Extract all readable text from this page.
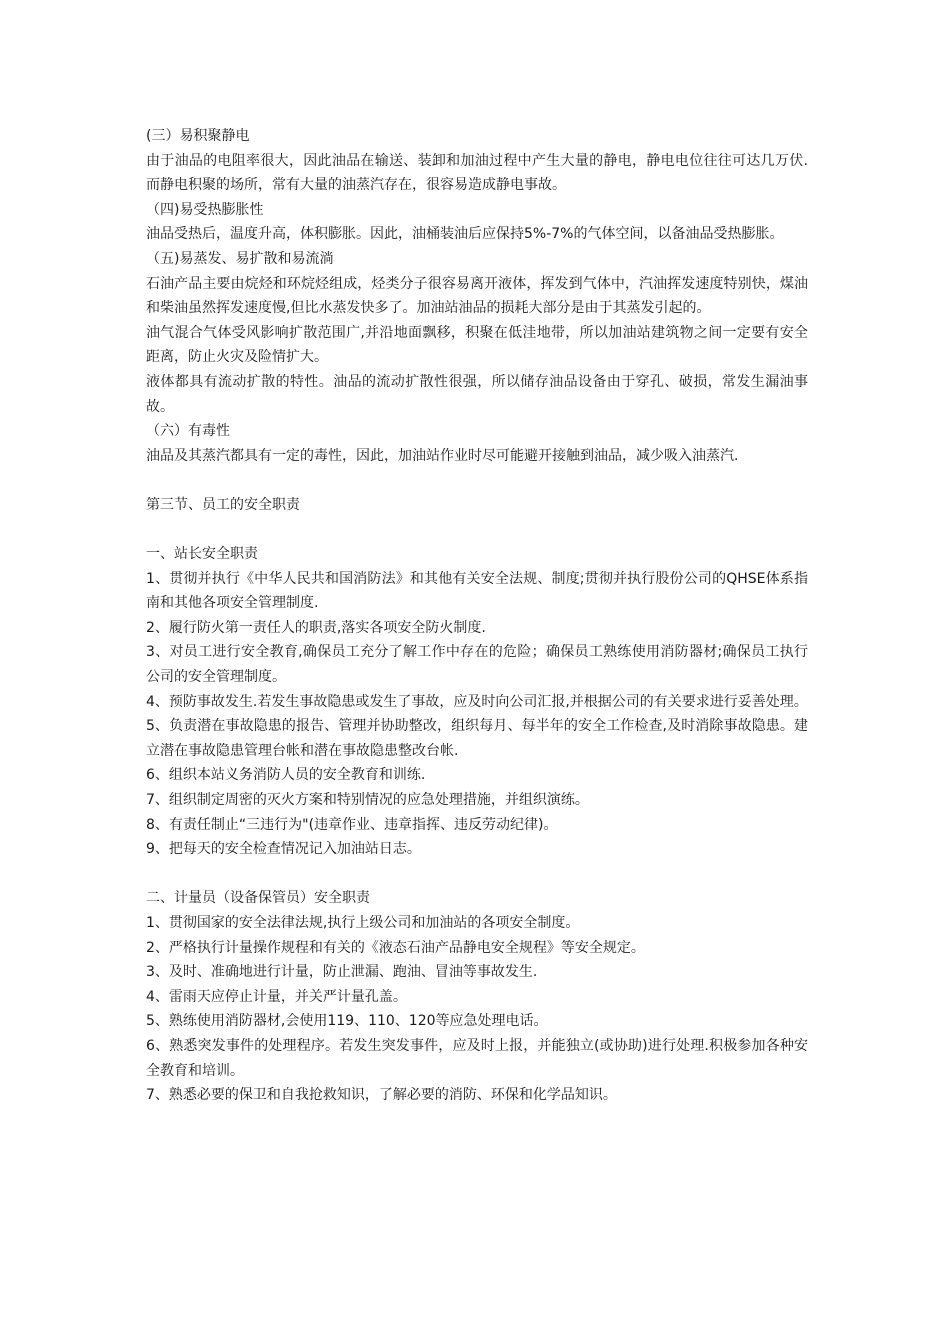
(三）易积聚静电

由于油品的电阻率很大，因此油品在输送、装卸和加油过程中产生大量的静电，静电电位往往可达几万伏.而静电积聚的场所，常有大量的油蒸汽存在，很容易造成静电事故。

（四)易受热膨胀性

油品受热后，温度升高，体积膨胀。因此，油桶装油后应保持5%-7%的气体空间，以备油品受热膨胀。

（五)易蒸发、易扩散和易流淌

石油产品主要由烷烃和环烷烃组成，烃类分子很容易离开液体，挥发到气体中，汽油挥发速度特别快，煤油和柴油虽然挥发速度慢,但比水蒸发快多了。加油站油品的损耗大部分是由于其蒸发引起的。

油气混合气体受风影响扩散范围广,并沿地面飘移，积聚在低洼地带，所以加油站建筑物之间一定要有安全距离，防止火灾及险情扩大。

液体都具有流动扩散的特性。油品的流动扩散性很强，所以储存油品设备由于穿孔、破损，常发生漏油事故。

（六）有毒性

油品及其蒸汽都具有一定的毒性，因此，加油站作业时尽可能避开接触到油品，减少吸入油蒸汽.

第三节、员工的安全职责

一、站长安全职责

1、贯彻并执行《中华人民共和国消防法》和其他有关安全法规、制度;贯彻并执行股份公司的QHSE体系指南和其他各项安全管理制度.

2、履行防火第一责任人的职责,落实各项安全防火制度.

3、对员工进行安全教育,确保员工充分了解工作中存在的危险；确保员工熟练使用消防器材;确保员工执行公司的安全管理制度。

4、预防事故发生.若发生事故隐患或发生了事故，应及时向公司汇报,并根据公司的有关要求进行妥善处理。

5、负责潜在事故隐患的报告、管理并协助整改，组织每月、每半年的安全工作检查,及时消除事故隐患。建立潜在事故隐患管理台帐和潜在事故隐患整改台帐.

6、组织本站义务消防人员的安全教育和训练.

7、组织制定周密的灭火方案和特别情况的应急处理措施，并组织演练。

8、有责任制止“三违行为"(违章作业、违章指挥、违反劳动纪律)。

9、把每天的安全检查情况记入加油站日志。

二、计量员（设备保管员）安全职责

1、贯彻国家的安全法律法规,执行上级公司和加油站的各项安全制度。

2、严格执行计量操作规程和有关的《液态石油产品静电安全规程》等安全规定。

3、及时、准确地进行计量，防止泄漏、跑油、冒油等事故发生.

4、雷雨天应停止计量，并关严计量孔盖。

5、熟练使用消防器材,会使用119、110、120等应急处理电话。

6、熟悉突发事件的处理程序。若发生突发事件，应及时上报，并能独立(或协助)进行处理.积极参加各种安全教育和培训。

7、熟悉必要的保卫和自我抢救知识，了解必要的消防、环保和化学品知识。
